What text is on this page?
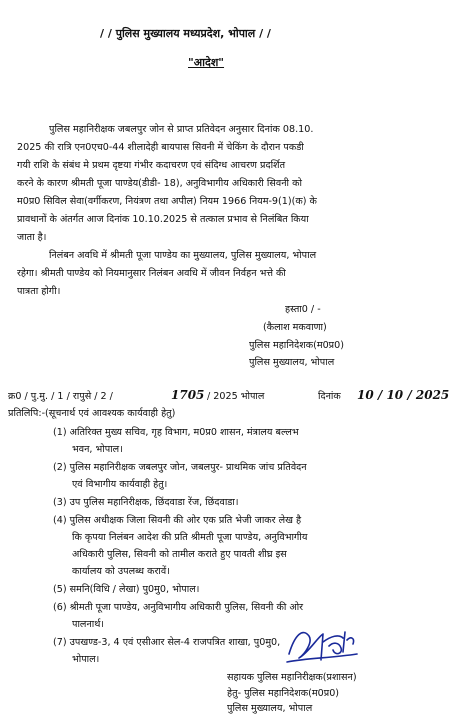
/ / पुलिस मुख्यालय मध्यप्रदेश, भोपाल / /
"आदेश"
पुलिस महानिरीक्षक जबलपुर जोन से प्राप्त प्रतिवेदन अनुसार दिनांक 08.10.
2025 की रात्रि एन0एच0-44 शीलादेही बायपास सिवनी में चेकिंग के दौरान पकडी
गयी राशि के संबंध मे प्रथम दृष्टया गंभीर कदाचरण एवं संदिग्ध आचरण प्रदर्शित
करने के कारण श्रीमती पूजा पाण्डेय(डीडी- 18), अनुविभागीय अधिकारी सिवनी को
म0प्र0 सिविल सेवा(वर्गीकरण, नियंत्रण तथा अपील) नियम 1966 नियम-9(1)(क) के
प्रावधानों के अंतर्गत आज दिनांक 10.10.2025 से तत्काल प्रभाव से निलंबित किया
जाता है।
निलंबन अवधि में श्रीमती पूजा पाण्डेय का मुख्यालय, पुलिस मुख्यालय, भोपाल
रहेगा। श्रीमती पाण्डेय को नियमानुसार निलंबन अवधि में जीवन निर्वहन भत्ते की
पात्रता होगी।
हस्ता0 / -
(कैलाश मकवाणा)
पुलिस महानिदेशक(म0प्र0)
पुलिस मुख्यालय, भोपाल
क्र0 / पु.मु. / 1 / रापुसे / 2 /	1705 / 2025 भोपाल	दिनांक 10 / 10 / 2025
प्रतिलिपि:-(सूचनार्थ एवं आवश्यक कार्यवाही हेतु)
(1) अतिरिक्त मुख्य सचिव, गृह विभाग, म0प्र0 शासन, मंत्रालय बल्लभ
भवन, भोपाल।
(2) पुलिस महानिरीक्षक जबलपुर जोन, जबलपुर- प्राथमिक जांच प्रतिवेदन
एवं विभागीय कार्यवाही हेतु।
(3) उप पुलिस महानिरीक्षक, छिंदवाडा रेंज, छिंदवाडा।
(4) पुलिस अधीक्षक जिला सिवनी की ओर एक प्रति भेजी जाकर लेख है
कि कृपया निलंबन आदेश की प्रति श्रीमती पूजा पाण्डेय, अनुविभागीय
अधिकारी पुलिस, सिवनी को तामील कराते हुए पावती शीघ्र इस
कार्यालय को उपलब्ध करावें।
(5) समनि(विधि / लेखा) पु0मु0, भोपाल।
(6) श्रीमती पूजा पाण्डेय, अनुविभागीय अधिकारी पुलिस, सिवनी की ओर
पालनार्थ।
(7) उपखण्ड-3, 4 एवं एसीआर सेल-4 राजपत्रित शाखा, पु0मु0,
भोपाल।
सहायक पुलिस महानिरीक्षक(प्रशासन)
हेतु- पुलिस महानिदेशक(म0प्र0)
पुलिस मुख्यालय, भोपाल
